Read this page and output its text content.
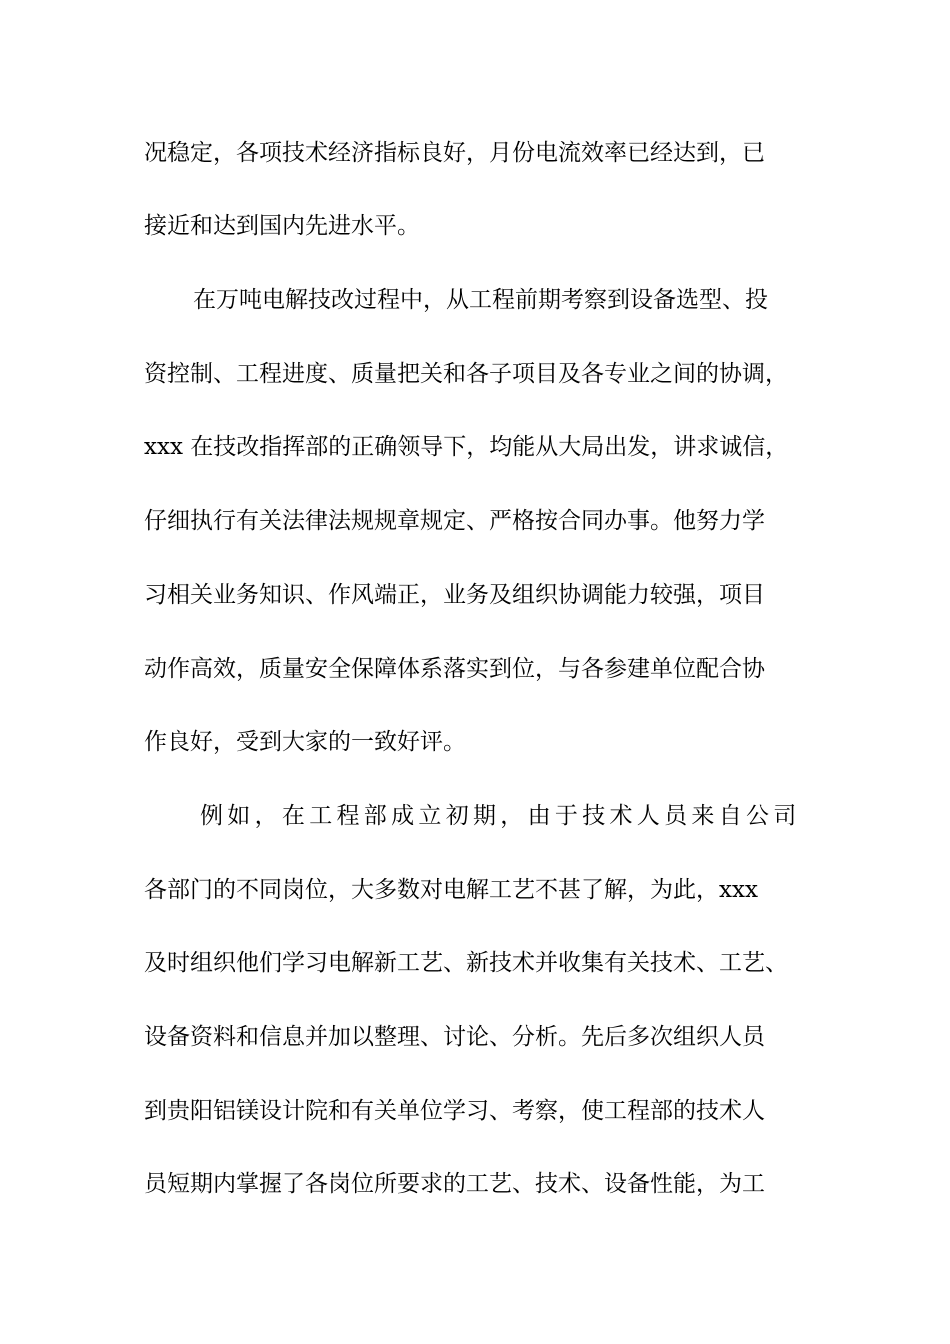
况稳定，各项技术经济指标良好，月份电流效率已经达到，已
接近和达到国内先进水平。
在万吨电解技改过程中，从工程前期考察到设备选型、投
资控制、工程进度、质量把关和各子项目及各专业之间的协调，
xxx 在技改指挥部的正确领导下，均能从大局出发，讲求诚信，
仔细执行有关法律法规规章规定、严格按合同办事。他努力学
习相关业务知识、作风端正，业务及组织协调能力较强，项目
动作高效，质量安全保障体系落实到位，与各参建单位配合协
作良好，受到大家的一致好评。
例如，在工程部成立初期，由于技术人员来自公司
各部门的不同岗位，大多数对电解工艺不甚了解，为此，xxx
及时组织他们学习电解新工艺、新技术并收集有关技术、工艺、
设备资料和信息并加以整理、讨论、分析。先后多次组织人员
到贵阳铝镁设计院和有关单位学习、考察，使工程部的技术人
员短期内掌握了各岗位所要求的工艺、技术、设备性能，为工
